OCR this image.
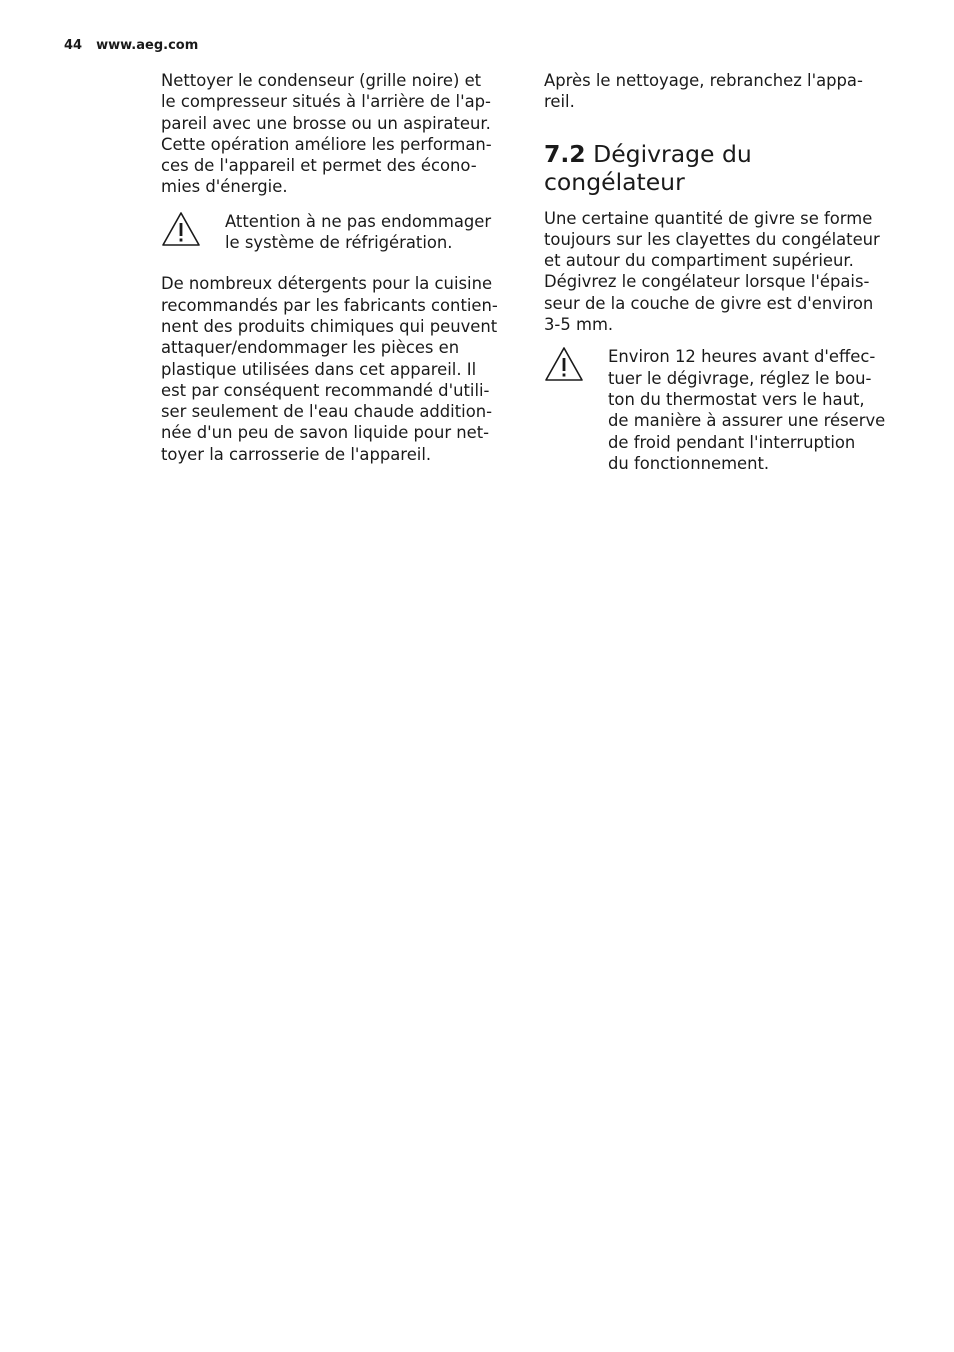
44 www.aeg.com

Nettoyer le condenseur (grille noire) et
le compresseur situés à l'arrière de l'ap-
pareil avec une brosse ou un aspirateur.
Cette opération améliore les performan-
ces de l'appareil et permet des écono-
mies d'énergie.

Attention à ne pas endommager
le système de réfrigération.

De nombreux détergents pour la cuisine
recommandés par les fabricants contien-
nent des produits chimiques qui peuvent
attaquer/endommager les pièces en
plastique utilisées dans cet appareil. Il
est par conséquent recommandé d'utili-
ser seulement de l'eau chaude addition-
née d'un peu de savon liquide pour net-
toyer la carrosserie de l'appareil.

Après le nettoyage, rebranchez l'appa-
reil.

7.2 Dégivrage du congélateur

Une certaine quantité de givre se forme
toujours sur les clayettes du congélateur
et autour du compartiment supérieur.
Dégivrez le congélateur lorsque l'épais-
seur de la couche de givre est d'environ
3-5 mm.

Environ 12 heures avant d'effec-
tuer le dégivrage, réglez le bou-
ton du thermostat vers le haut,
de manière à assurer une réserve
de froid pendant l'interruption
du fonctionnement.
